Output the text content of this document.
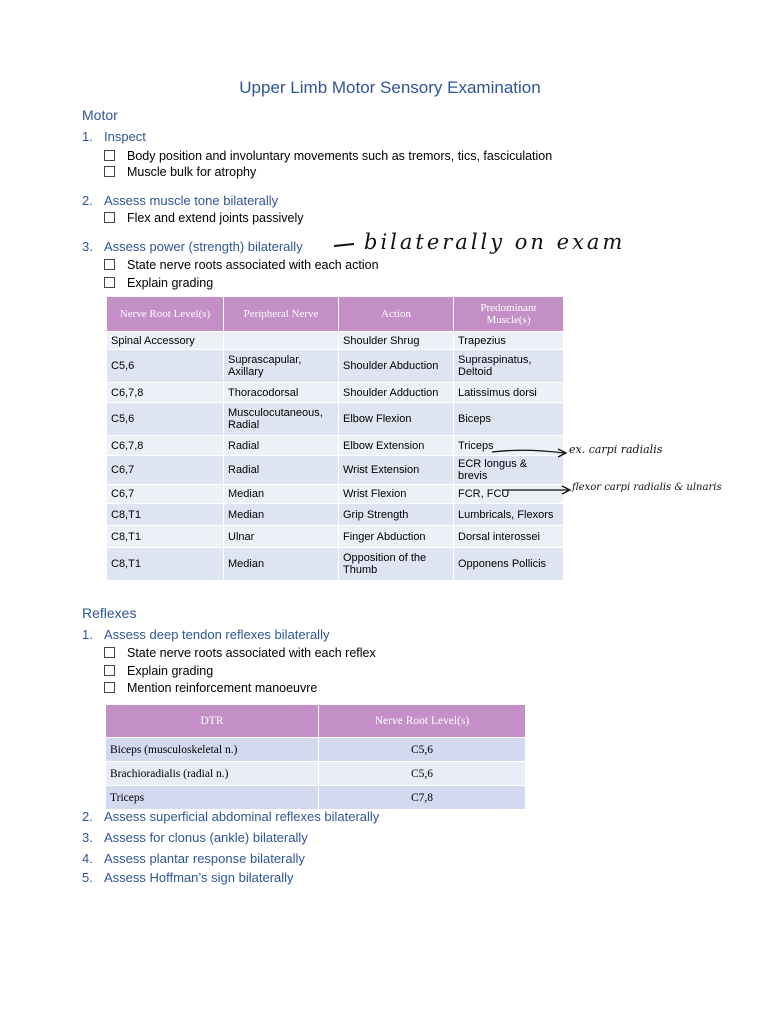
Upper Limb Motor Sensory Examination
Motor
1. Inspect
Body position and involuntary movements such as tremors, tics, fasciculation
Muscle bulk for atrophy
2. Assess muscle tone bilaterally
Flex and extend joints passively
3. Assess power (strength) bilaterally
State nerve roots associated with each action
Explain grading
bilaterally on exam
Nerve Root Level(s)	Peripheral Nerve	Action	Predominant Muscle(s)
Spinal Accessory		Shoulder Shrug	Trapezius
C5,6	Suprascapular, Axillary	Shoulder Abduction	Supraspinatus, Deltoid
C6,7,8	Thoracodorsal	Shoulder Adduction	Latissimus dorsi
C5,6	Musculocutaneous, Radial	Elbow Flexion	Biceps
C6,7,8	Radial	Elbow Extension	Triceps
C6,7	Radial	Wrist Extension	ECR longus & brevis
C6,7	Median	Wrist Flexion	FCR, FCU
C8,T1	Median	Grip Strength	Lumbricals, Flexors
C8,T1	Ulnar	Finger Abduction	Dorsal interossei
C8,T1	Median	Opposition of the Thumb	Opponens Pollicis
ex. carpi radialis
flexor carpi radialis & ulnaris
Reflexes
1. Assess deep tendon reflexes bilaterally
State nerve roots associated with each reflex
Explain grading
Mention reinforcement manoeuvre
DTR	Nerve Root Level(s)
Biceps (musculoskeletal n.)	C5,6
Brachioradialis (radial n.)	C5,6
Triceps	C7,8
2. Assess superficial abdominal reflexes bilaterally
3. Assess for clonus (ankle) bilaterally
4. Assess plantar response bilaterally
5. Assess Hoffman’s sign bilaterally
